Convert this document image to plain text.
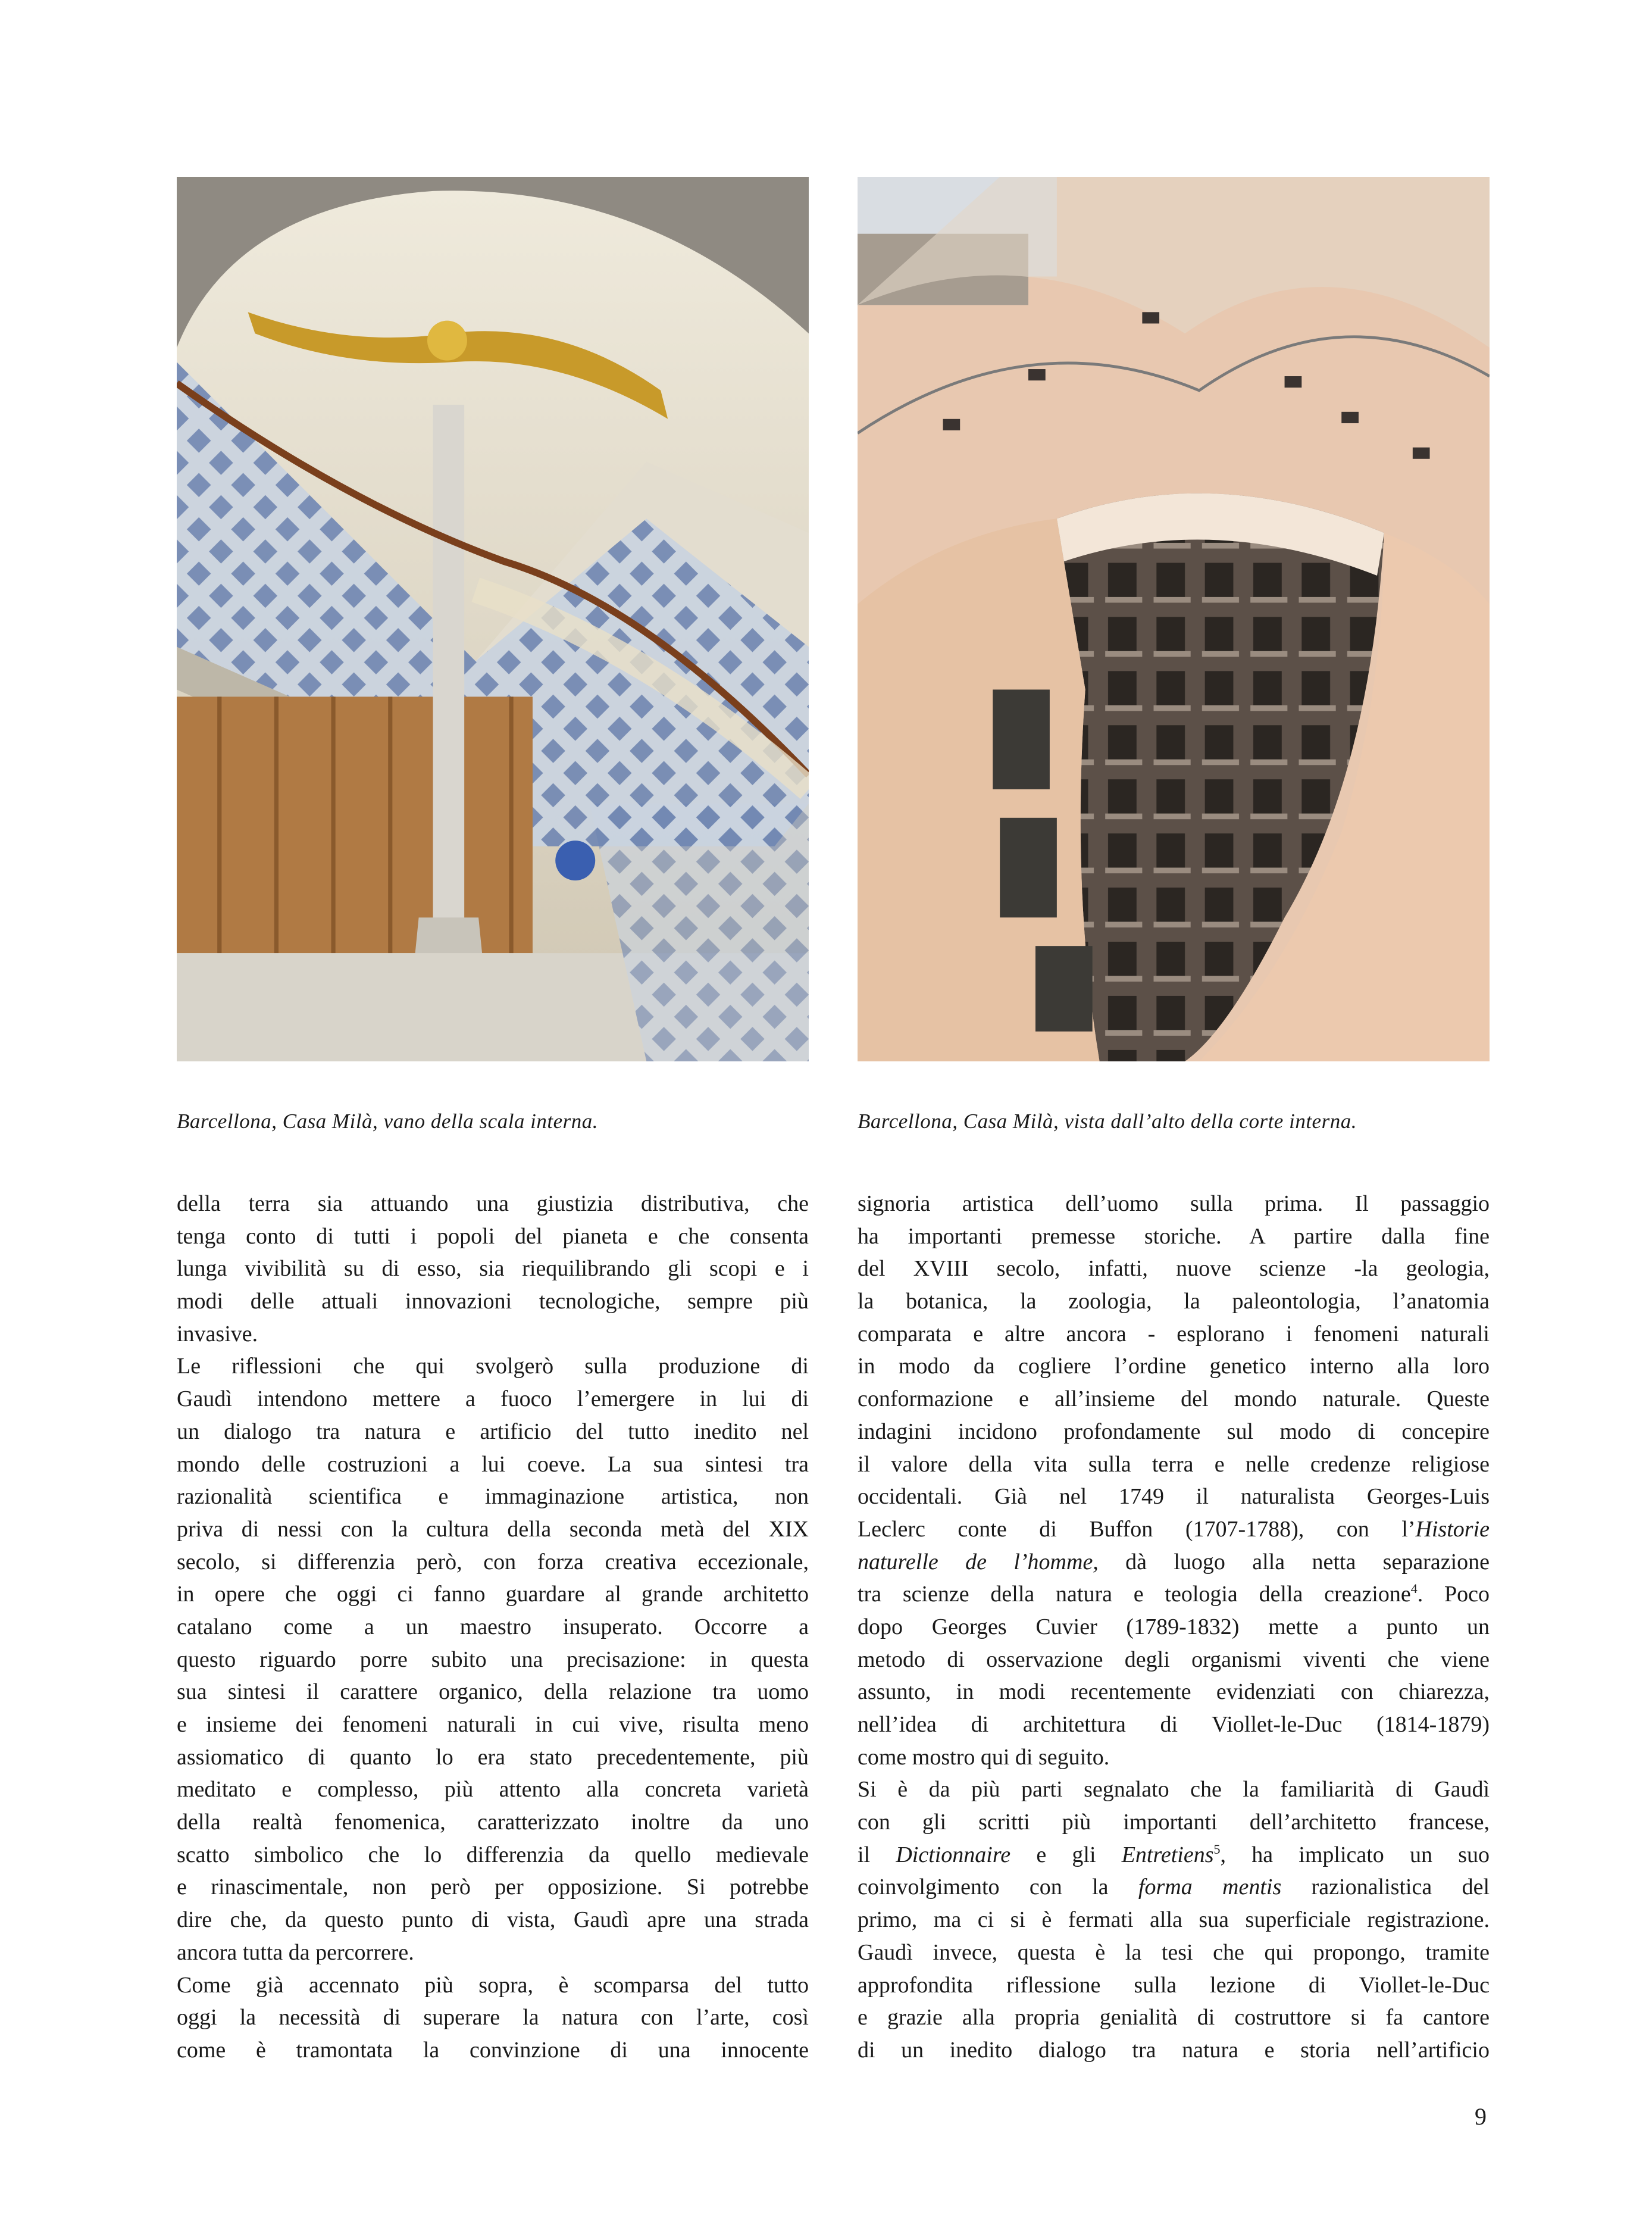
Barcellona, Casa Milà, vano della scala interna.	Barcellona, Casa Milà, vista dall’alto della corte interna.
della terra sia attuando una giustizia distributiva, che
tenga conto di tutti i popoli del pianeta e che consenta
lunga vivibilità su di esso, sia riequilibrando gli scopi e i
modi delle attuali innovazioni tecnologiche, sempre più
invasive.
Le riflessioni che qui svolgerò sulla produzione di
Gaudì intendono mettere a fuoco l’emergere in lui di
un dialogo tra natura e artificio del tutto inedito nel
mondo delle costruzioni a lui coeve. La sua sintesi tra
razionalità scientifica e immaginazione artistica, non
priva di nessi con la cultura della seconda metà del XIX
secolo, si differenzia però, con forza creativa eccezionale,
in opere che oggi ci fanno guardare al grande architetto
catalano come a un maestro insuperato. Occorre a
questo riguardo porre subito una precisazione: in questa
sua sintesi il carattere organico, della relazione tra uomo
e insieme dei fenomeni naturali in cui vive, risulta meno
assiomatico di quanto lo era stato precedentemente, più
meditato e complesso, più attento alla concreta varietà
della realtà fenomenica, caratterizzato inoltre da uno
scatto simbolico che lo differenzia da quello medievale
e rinascimentale, non però per opposizione. Si potrebbe
dire che, da questo punto di vista, Gaudì apre una strada
ancora tutta da percorrere.
Come già accennato più sopra, è scomparsa del tutto
oggi la necessità di superare la natura con l’arte, così
come è tramontata la convinzione di una innocente
signoria artistica dell’uomo sulla prima. Il passaggio
ha importanti premesse storiche. A partire dalla fine
del XVIII secolo, infatti, nuove scienze -la geologia,
la botanica, la zoologia, la paleontologia, l’anatomia
comparata e altre ancora - esplorano i fenomeni naturali
in modo da cogliere l’ordine genetico interno alla loro
conformazione e all’insieme del mondo naturale. Queste
indagini incidono profondamente sul modo di concepire
il valore della vita sulla terra e nelle credenze religiose
occidentali. Già nel 1749 il naturalista Georges-Luis
Leclerc conte di Buffon (1707-1788), con l’Historie
naturelle de l’homme, dà luogo alla netta separazione
tra scienze della natura e teologia della creazione$^4$. Poco
dopo Georges Cuvier (1789-1832) mette a punto un
metodo di osservazione degli organismi viventi che viene
assunto, in modi recentemente evidenziati con chiarezza,
nell’idea di architettura di Viollet-le-Duc (1814-1879)
come mostro qui di seguito.
Si è da più parti segnalato che la familiarità di Gaudì
con gli scritti più importanti dell’architetto francese,
il Dictionnaire e gli Entretiens$^5$, ha implicato un suo
coinvolgimento con la forma mentis razionalistica del
primo, ma ci si è fermati alla sua superficiale registrazione.
Gaudì invece, questa è la tesi che qui propongo, tramite
approfondita riflessione sulla lezione di Viollet-le-Duc
e grazie alla propria genialità di costruttore si fa cantore
di un inedito dialogo tra natura e storia nell’artificio
9
